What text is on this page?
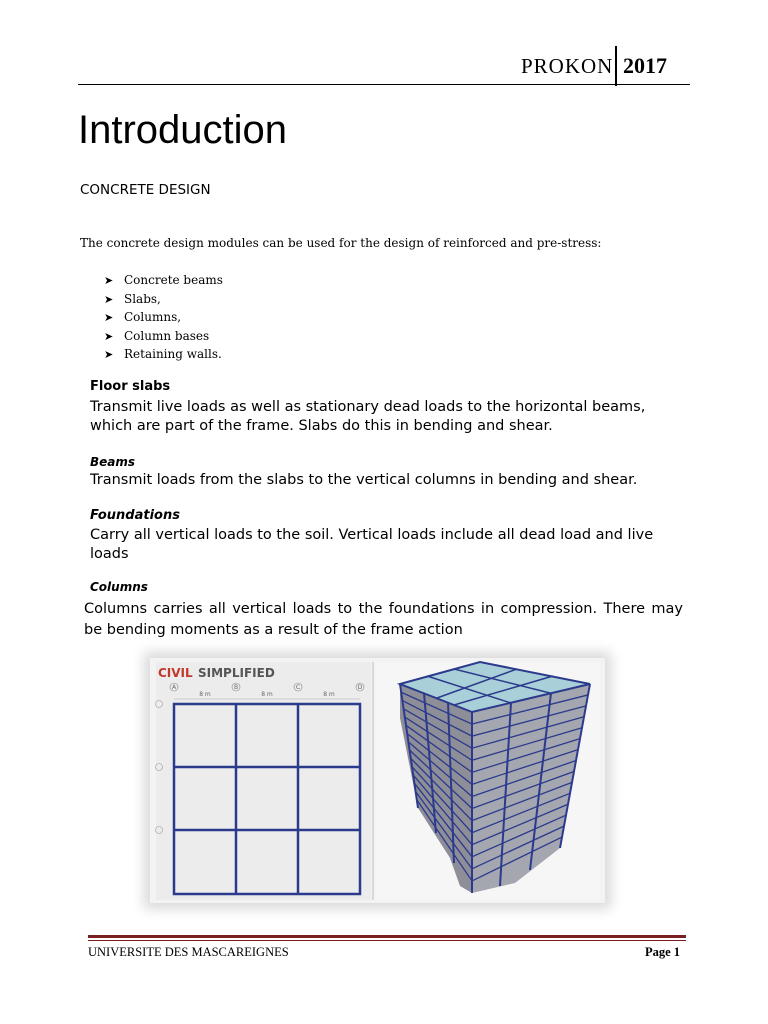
PROKON 2017
Introduction
CONCRETE DESIGN
The concrete design modules can be used for the design of reinforced and pre-stress:
➤ Concrete beams
➤ Slabs,
➤ Columns,
➤ Column bases
➤ Retaining walls.
Floor slabs
Transmit live loads as well as stationary dead loads to the horizontal beams, which are part of the frame. Slabs do this in bending and shear.
Beams
Transmit loads from the slabs to the vertical columns in bending and shear.
Foundations
Carry all vertical loads to the soil. Vertical loads include all dead load and live loads
Columns
Columns carries all vertical loads to the foundations in compression. There may be bending moments as a result of the frame action
CIVIL SIMPLIFIED
A	B	C	D
8 m	8 m	8 m
UNIVERSITE DES MASCAREIGNES	Page 1
